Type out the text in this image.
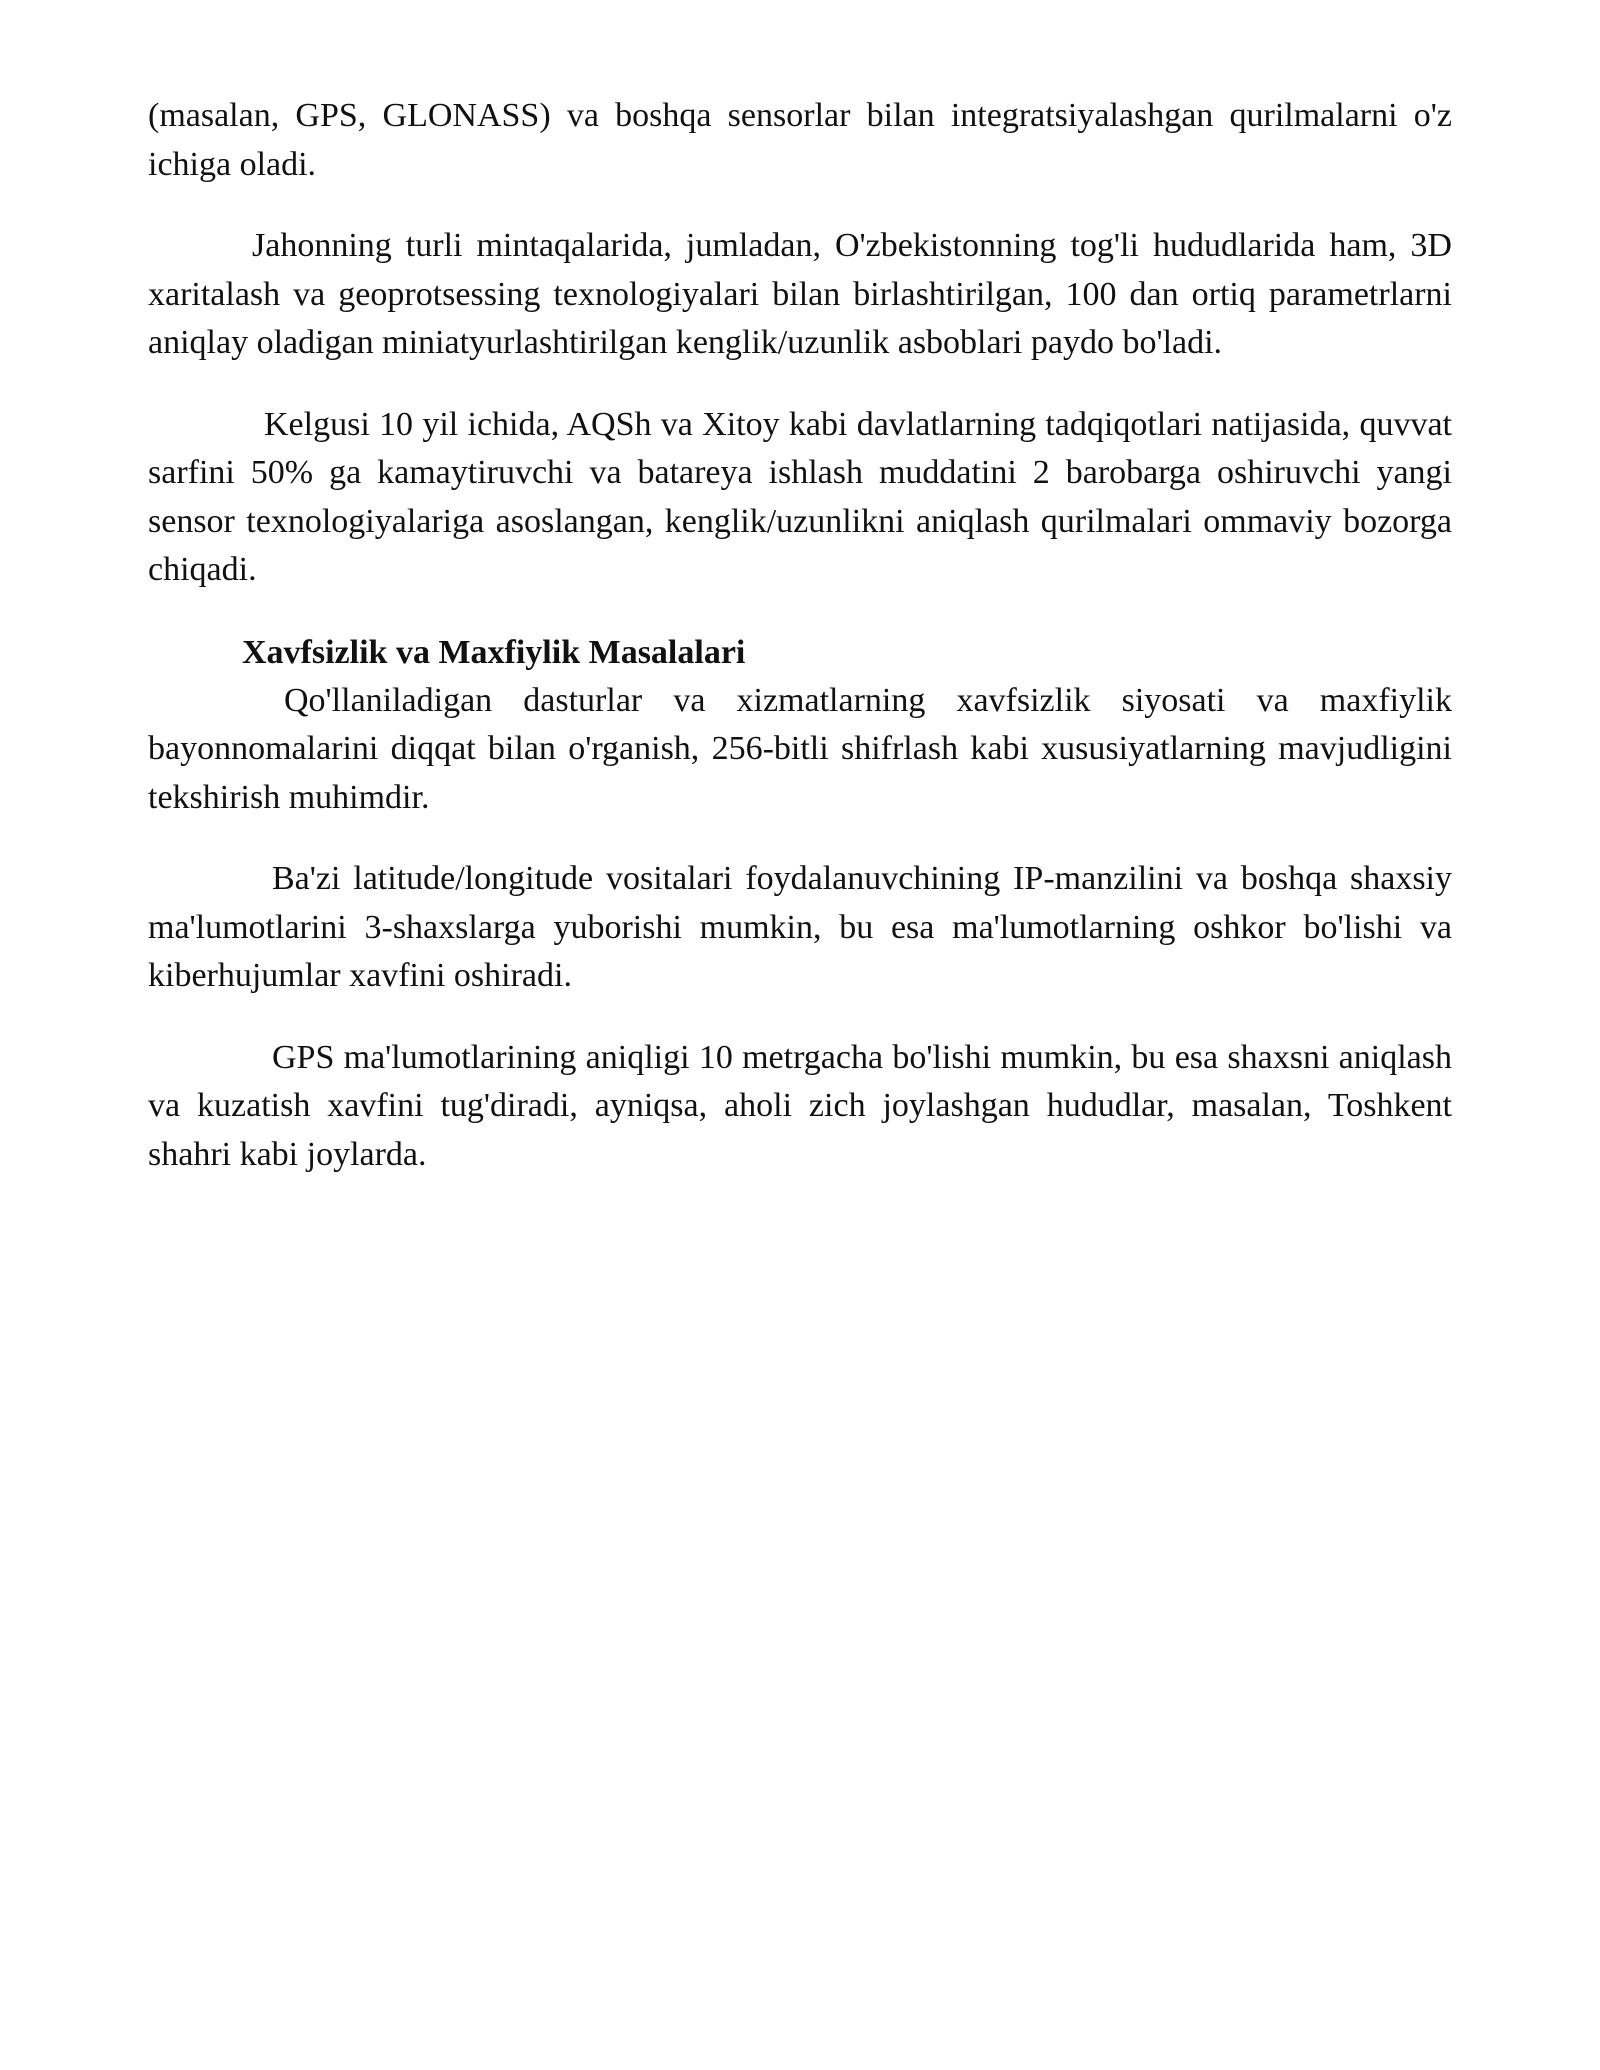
(masalan, GPS, GLONASS) va boshqa sensorlar bilan integratsiyalashgan qurilmalarni o'z ichiga oladi.

Jahonning turli mintaqalarida, jumladan, O'zbekistonning tog'li hududlarida ham, 3D xaritalash va geoprotsessing texnologiyalari bilan birlashtirilgan, 100 dan ortiq parametrlarni aniqlay oladigan miniatyurlashtirilgan kenglik/uzunlik asboblari paydo bo'ladi.

Kelgusi 10 yil ichida, AQSh va Xitoy kabi davlatlarning tadqiqotlari natijasida, quvvat sarfini 50% ga kamaytiruvchi va batareya ishlash muddatini 2 barobarga oshiruvchi yangi sensor texnologiyalariga asoslangan, kenglik/uzunlikni aniqlash qurilmalari ommaviy bozorga chiqadi.

Xavfsizlik va Maxfiylik Masalalari

Qo'llaniladigan dasturlar va xizmatlarning xavfsizlik siyosati va maxfiylik bayonnomalarini diqqat bilan o'rganish, 256-bitli shifrlash kabi xususiyatlarning mavjudligini tekshirish muhimdir.

Ba'zi latitude/longitude vositalari foydalanuvchining IP-manzilini va boshqa shaxsiy ma'lumotlarini 3-shaxslarga yuborishi mumkin, bu esa ma'lumotlarning oshkor bo'lishi va kiberhujumlar xavfini oshiradi.

GPS ma'lumotlarining aniqligi 10 metrgacha bo'lishi mumkin, bu esa shaxsni aniqlash va kuzatish xavfini tug'diradi, ayniqsa, aholi zich joylashgan hududlar, masalan, Toshkent shahri kabi joylarda.
